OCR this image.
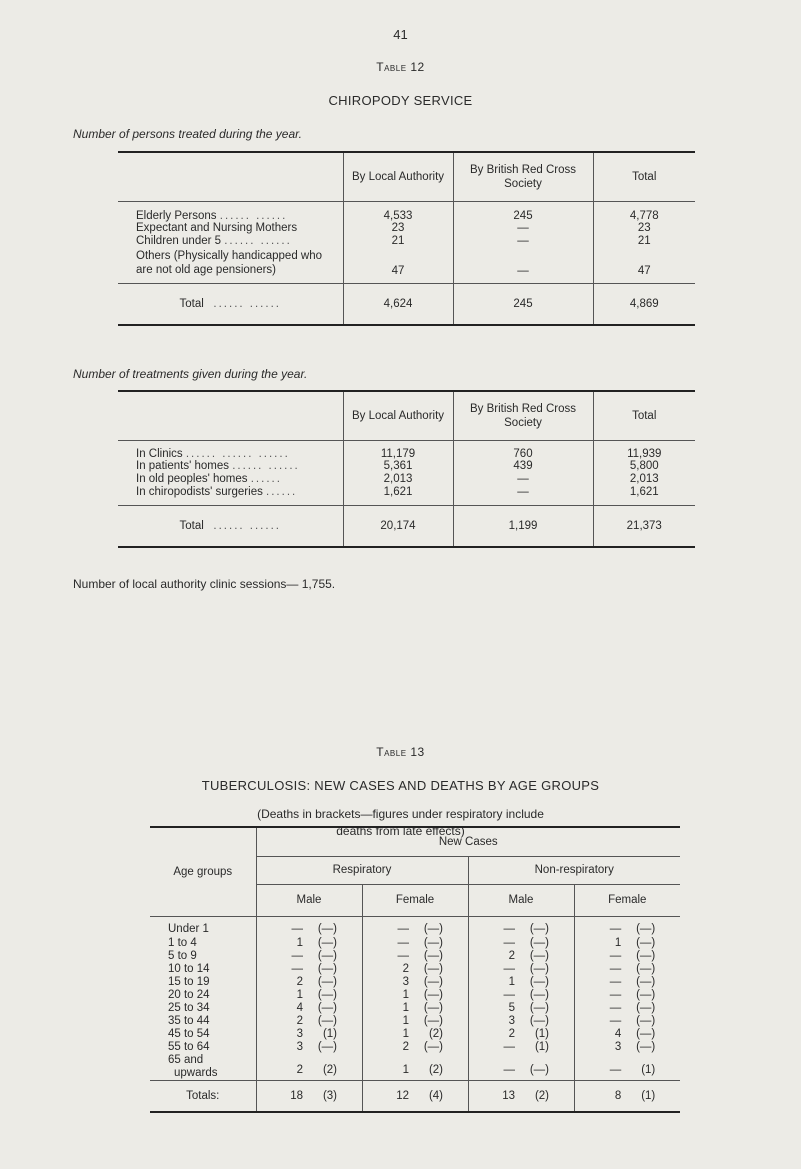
41
Table 12
CHIROPODY SERVICE
Number of persons treated during the year.
	By Local Authority	By British Red Cross Society	Total
Elderly Persons ...... ......	4,533	245	4,778
Expectant and Nursing Mothers	23	—	23
Children under 5 ...... ......	21	—	21
Others (Physically handicapped who are not old age pensioners)	47	—	47
Total ...... ......	4,624	245	4,869
Number of treatments given during the year.
	By Local Authority	By British Red Cross Society	Total
In Clinics ...... ...... ......	11,179	760	11,939
In patients' homes ...... ......	5,361	439	5,800
In old peoples' homes ......	2,013	—	2,013
In chiropodists' surgeries ......	1,621	—	1,621
Total ...... ......	20,174	1,199	21,373
Number of local authority clinic sessions— 1,755.
Table 13
TUBERCULOSIS: NEW CASES AND DEATHS BY AGE GROUPS
(Deaths in brackets—figures under respiratory include
deaths from late effects)
Age groups	New Cases			
	Respiratory		Non-respiratory	
	Male	Female	Male	Female

Under 1	— (—)	— (—)	— (—)	— (—)

1 to 4	1 (—)	— (—)	— (—)	1 (—)

5 to 9	— (—)	— (—)	2 (—)	— (—)

10 to 14	— (—)	2 (—)	— (—)	— (—)

15 to 19	2 (—)	3 (—)	1 (—)	— (—)

20 to 24	1 (—)	1 (—)	— (—)	— (—)

25 to 34	4 (—)	1 (—)	5 (—)	— (—)

35 to 44	2 (—)	1 (—)	3 (—)	— (—)

45 to 54	3 (1)	1 (2)	2 (1)	4 (—)

55 to 64	3 (—)	2 (—)	— (1)	3 (—)

65 and
upwards	2 (2)	1 (2)	— (—)	— (1)
Totals:	18 (3)	12 (4)	13 (2)	8 (1)
